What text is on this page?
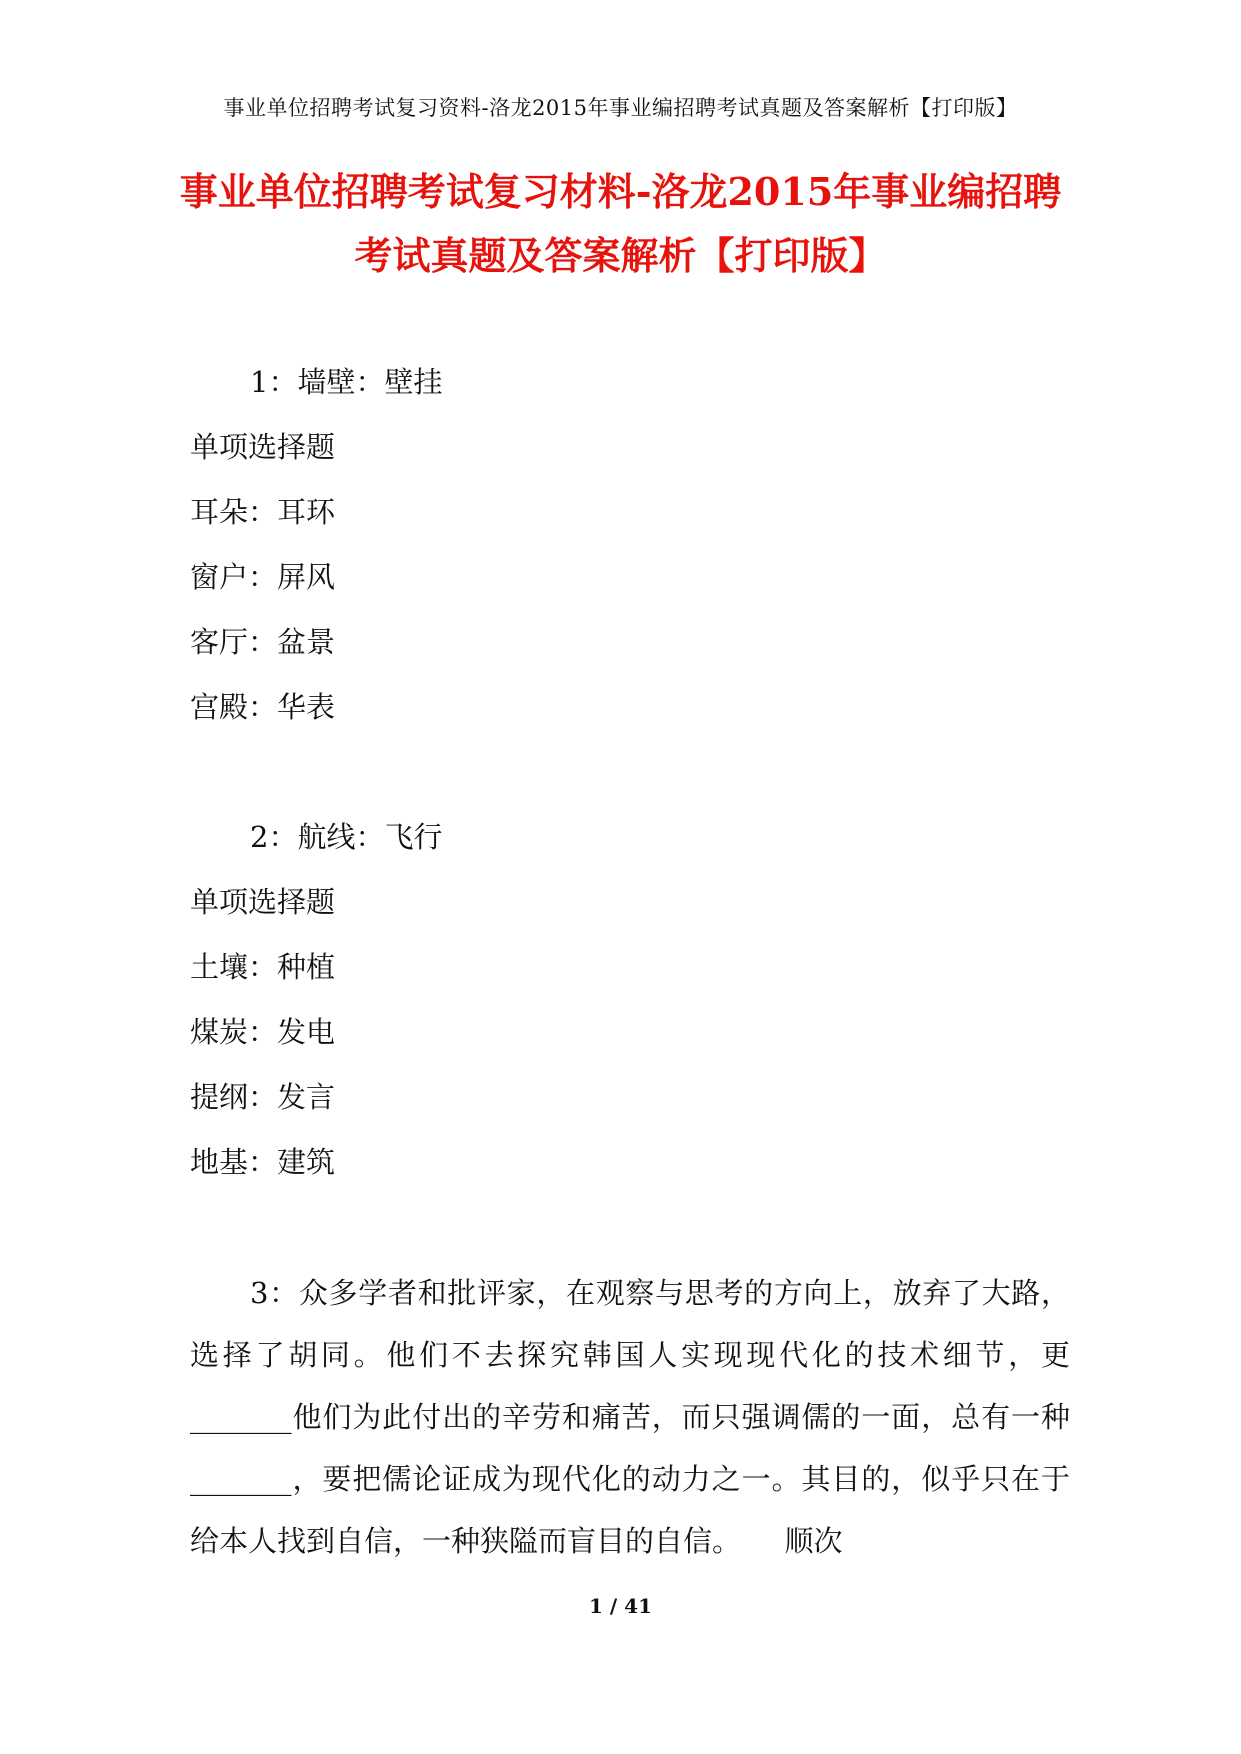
事业单位招聘考试复习资料-洛龙2015年事业编招聘考试真题及答案解析【打印版】
事业单位招聘考试复习材料-洛龙2015年事业编招聘
考试真题及答案解析【打印版】
1：墙壁：壁挂
单项选择题
耳朵：耳环
窗户：屏风
客厅：盆景
宫殿：华表
2：航线：飞行
单项选择题
土壤：种植
煤炭：发电
提纲：发言
地基：建筑

3：众多学者和批评家，在观察与思考的方向上，放弃了大路，选择了胡同。他们不去探究韩国人实现现代化的技术细节，更_______他们为此付出的辛劳和痛苦，而只强调儒的一面，总有一种_______，要把儒论证成为现代化的动力之一。其目的，似乎只在于给本人找到自信，一种狭隘而盲目的自信。　　顺次

1 / 41
